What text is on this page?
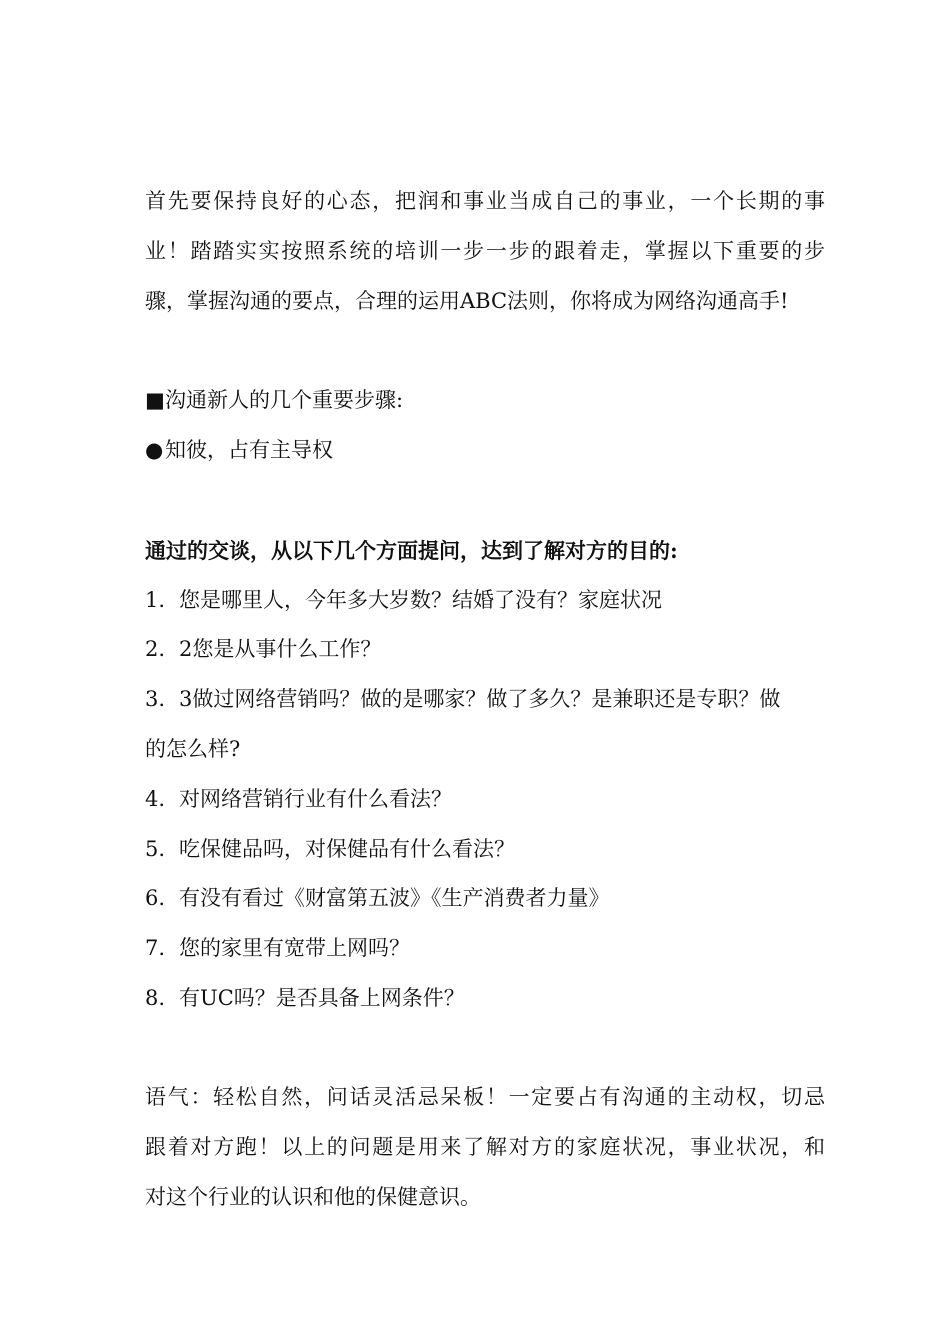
首先要保持良好的心态，把润和事业当成自己的事业，一个长期的事
业！踏踏实实按照系统的培训一步一步的跟着走，掌握以下重要的步
骤，掌握沟通的要点，合理的运用ABC法则，你将成为网络沟通高手!
■沟通新人的几个重要步骤:
●知彼，占有主导权
通过的交谈，从以下几个方面提问，达到了解对方的目的:
1. 您是哪里人，今年多大岁数？结婚了没有？家庭状况
2. 2您是从事什么工作？
3. 3做过网络营销吗？做的是哪家？做了多久？是兼职还是专职？做
的怎么样?
4. 对网络营销行业有什么看法？
5. 吃保健品吗，对保健品有什么看法？
6. 有没有看过《财富第五波》《生产消费者力量》
7. 您的家里有宽带上网吗？
8. 有UC吗？是否具备上网条件？
语气：轻松自然，问话灵活忌呆板！一定要占有沟通的主动权，切忌
跟着对方跑！以上的问题是用来了解对方的家庭状况，事业状况，和
对这个行业的认识和他的保健意识。
